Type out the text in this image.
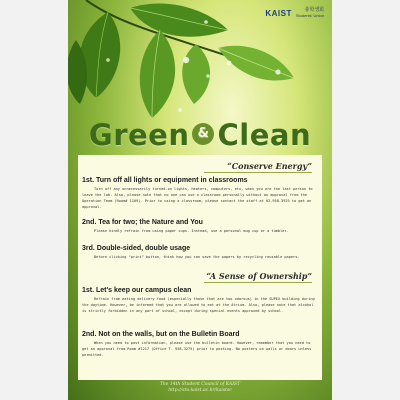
KAIST	총학생회
Students' Union
Green & Clean
“Conserve Energy”
1st. Turn off all lights or equipment in classrooms
Turn off any unnecessarily turned-on lights, heaters, computers, etc. when you are the last person to leave the lab. Also, please note that no one can use a classroom personally without an approval from the Operation Team (Room# 1109). Prior to using a classroom, please contact the staff at 02-958-3925 to get an approval.
2nd. Tea for two; the Nature and You
Please kindly refrain from using paper cups. Instead, use a personal mug cup or a tumbler.
3rd. Double-sided, double usage
Before clicking “print” button, think how you can save the papers by recycling reusable papers.
“A Sense of Ownership”
1st. Let's keep our campus clean
Refrain from eating delivery food (especially those that are too odorous) in the SUPEX building during the daytime. However, be informed that you are allowed to eat at the Atrium. Also, please note that alcohol is strictly forbidden in any part of school, except during special events approved by school.
2nd. Not on the walls, but on the Bulletin Board
When you need to post information, please use the bulletin board. However, remember that you need to get an approval from Room #1217 (Office T. 958-3275) prior to posting. No posters on walls or doors unless permitted.
The 14th Student Council of KAIST
http://stu.kaist.ac.kr/kaistsc
